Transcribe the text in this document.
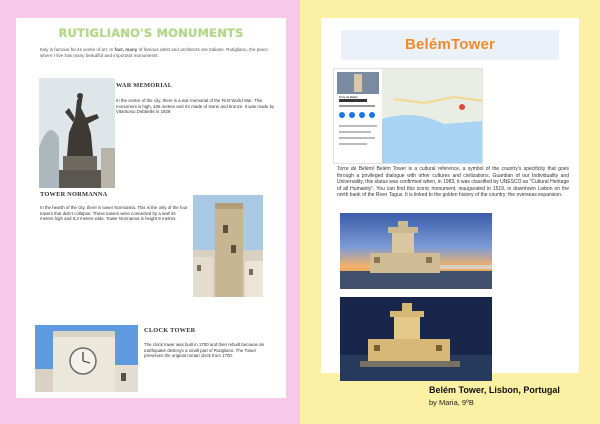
RUTIGLIANO'S MONUMENTS
Italy is famous for its works of art. In fact, many of famous artist and architects are Italians. Rutigliano, the place where I live has many beautiful and important monuments.
WAR MEMORIAL
In the centre of the city, there is a war memorial of the First World War. This monument is high, 106 metres and it's made of stone and bronze. It was made by Vitantonio Debbellis in 1929
TOWER NORMANNA
In the hearth of the city, there is tower Normanna. This is the only of the four towers that didn't collapse. These towers were connected by a wall 34 meters high and 6,3 meters wide. Tower Normanna is height 9 metres.
CLOCK TOWER
The clock tower was built in 1700 and then rebuilt because an earthquake destroys a small part of Rutigliano. The Tower preserves the original roman clock from 1700.
BelémTower
Torre de Belém
Torre de Belém/ Belém Tower is a cultural reference, a symbol of the country's specificity that goes through a privileged dialogue with other cultures and civilizations. Guardian of our Individuality and Universality, this status was confirmed when, in 1983, it was classified by UNESCO as "Cultural Heritage of all Humanity". You can find this iconic monument, inaugurated in 1519, in downtown Lisbon on the north bank of the River Tagus. It is linked to the golden history of the country: the overseas expansion.
Belém Tower, Lisbon, Portugal
by Maria, 9ºB
